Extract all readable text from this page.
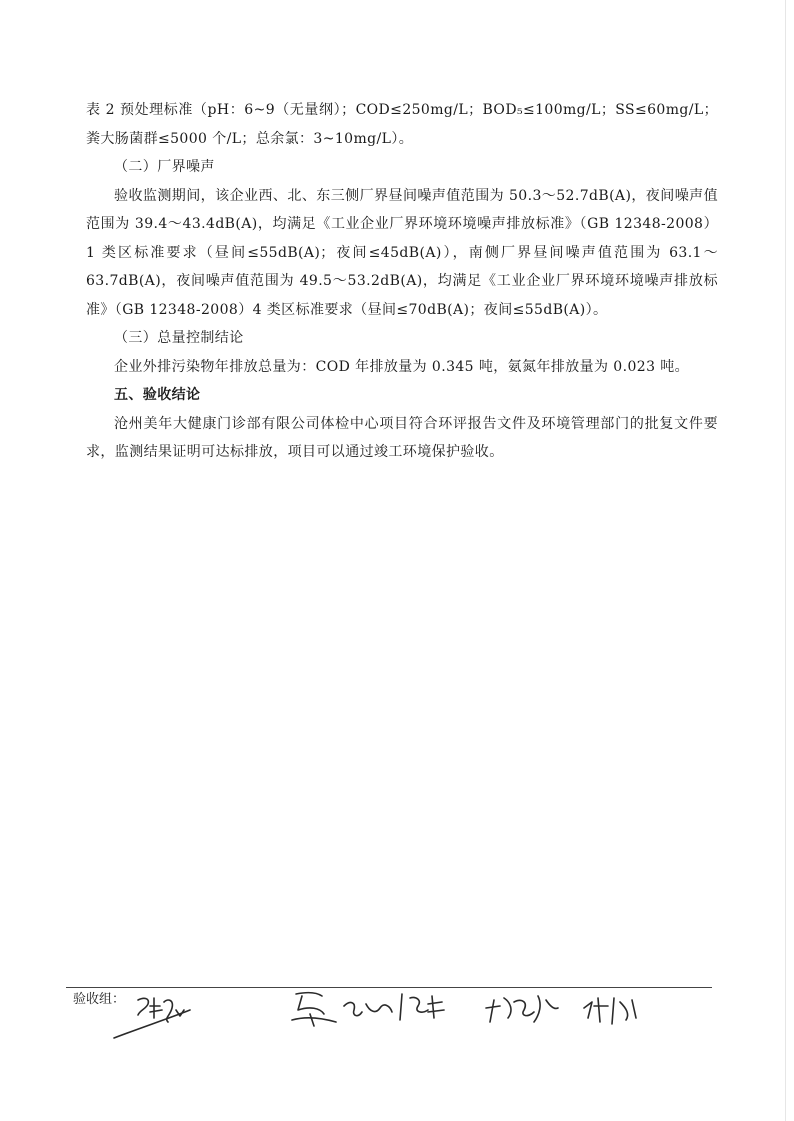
表 2 预处理标准（pH：6~9（无量纲）；COD≤250mg/L；BOD₅≤100mg/L；SS≤60mg/L；粪大肠菌群≤5000 个/L；总余氯：3~10mg/L）。

（二）厂界噪声

验收监测期间，该企业西、北、东三侧厂界昼间噪声值范围为 50.3～52.7dB(A)，夜间噪声值范围为 39.4～43.4dB(A)，均满足《工业企业厂界环境环境噪声排放标准》（GB 12348-2008）1 类区标准要求（昼间≤55dB(A)；夜间≤45dB(A)），南侧厂界昼间噪声值范围为 63.1～63.7dB(A)，夜间噪声值范围为 49.5～53.2dB(A)，均满足《工业企业厂界环境环境噪声排放标准》（GB 12348-2008）4 类区标准要求（昼间≤70dB(A)；夜间≤55dB(A)）。

（三）总量控制结论

企业外排污染物年排放总量为：COD 年排放量为 0.345 吨，氨氮年排放量为 0.023 吨。

五、验收结论

沧州美年大健康门诊部有限公司体检中心项目符合环评报告文件及环境管理部门的批复文件要求，监测结果证明可达标排放，项目可以通过竣工环境保护验收。

验收组：
